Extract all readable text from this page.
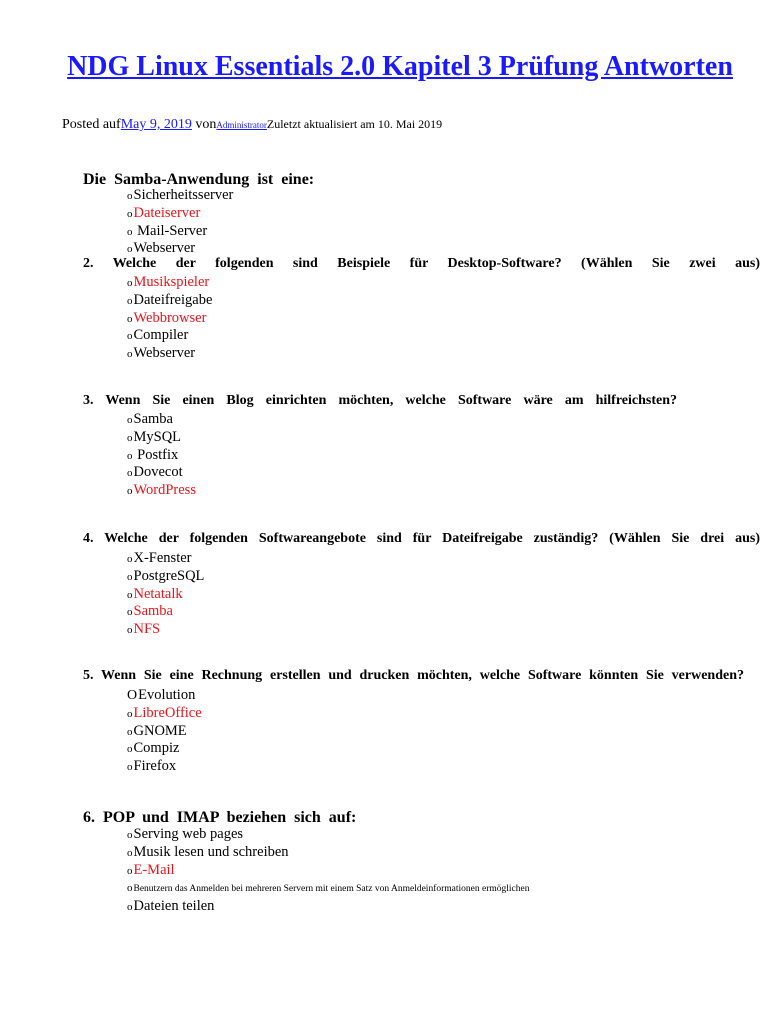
NDG Linux Essentials 2.0 Kapitel 3 Prüfung Antworten
Posted aufMay 9, 2019 vonAdministratorZuletzt aktualisiert am 10. Mai 2019

Die Samba-Anwendung ist eine:

oSicherheitsserver
oDateiserver
o Mail-Server
oWebserver

2. Welche der folgenden sind Beispiele für Desktop-Software? (Wählen Sie zwei aus)

oMusikspieler
oDateifreigabe
oWebbrowser
oCompiler
oWebserver

3. Wenn Sie einen Blog einrichten möchten, welche Software wäre am hilfreichsten?

oSamba
oMySQL
o Postfix
oDovecot
oWordPress

4. Welche der folgenden Softwareangebote sind für Dateifreigabe zuständig? (Wählen Sie drei aus)

oX-Fenster
oPostgreSQL
oNetatalk
oSamba
oNFS

5. Wenn Sie eine Rechnung erstellen und drucken möchten, welche Software könnten Sie verwenden?

OEvolution
oLibreOffice
oGNOME
oCompiz
oFirefox

6. POP und IMAP beziehen sich auf:

oServing web pages
oMusik lesen und schreiben
oE-Mail
oBenutzern das Anmelden bei mehreren Servern mit einem Satz von Anmeldeinformationen ermöglichen
oDateien teilen
